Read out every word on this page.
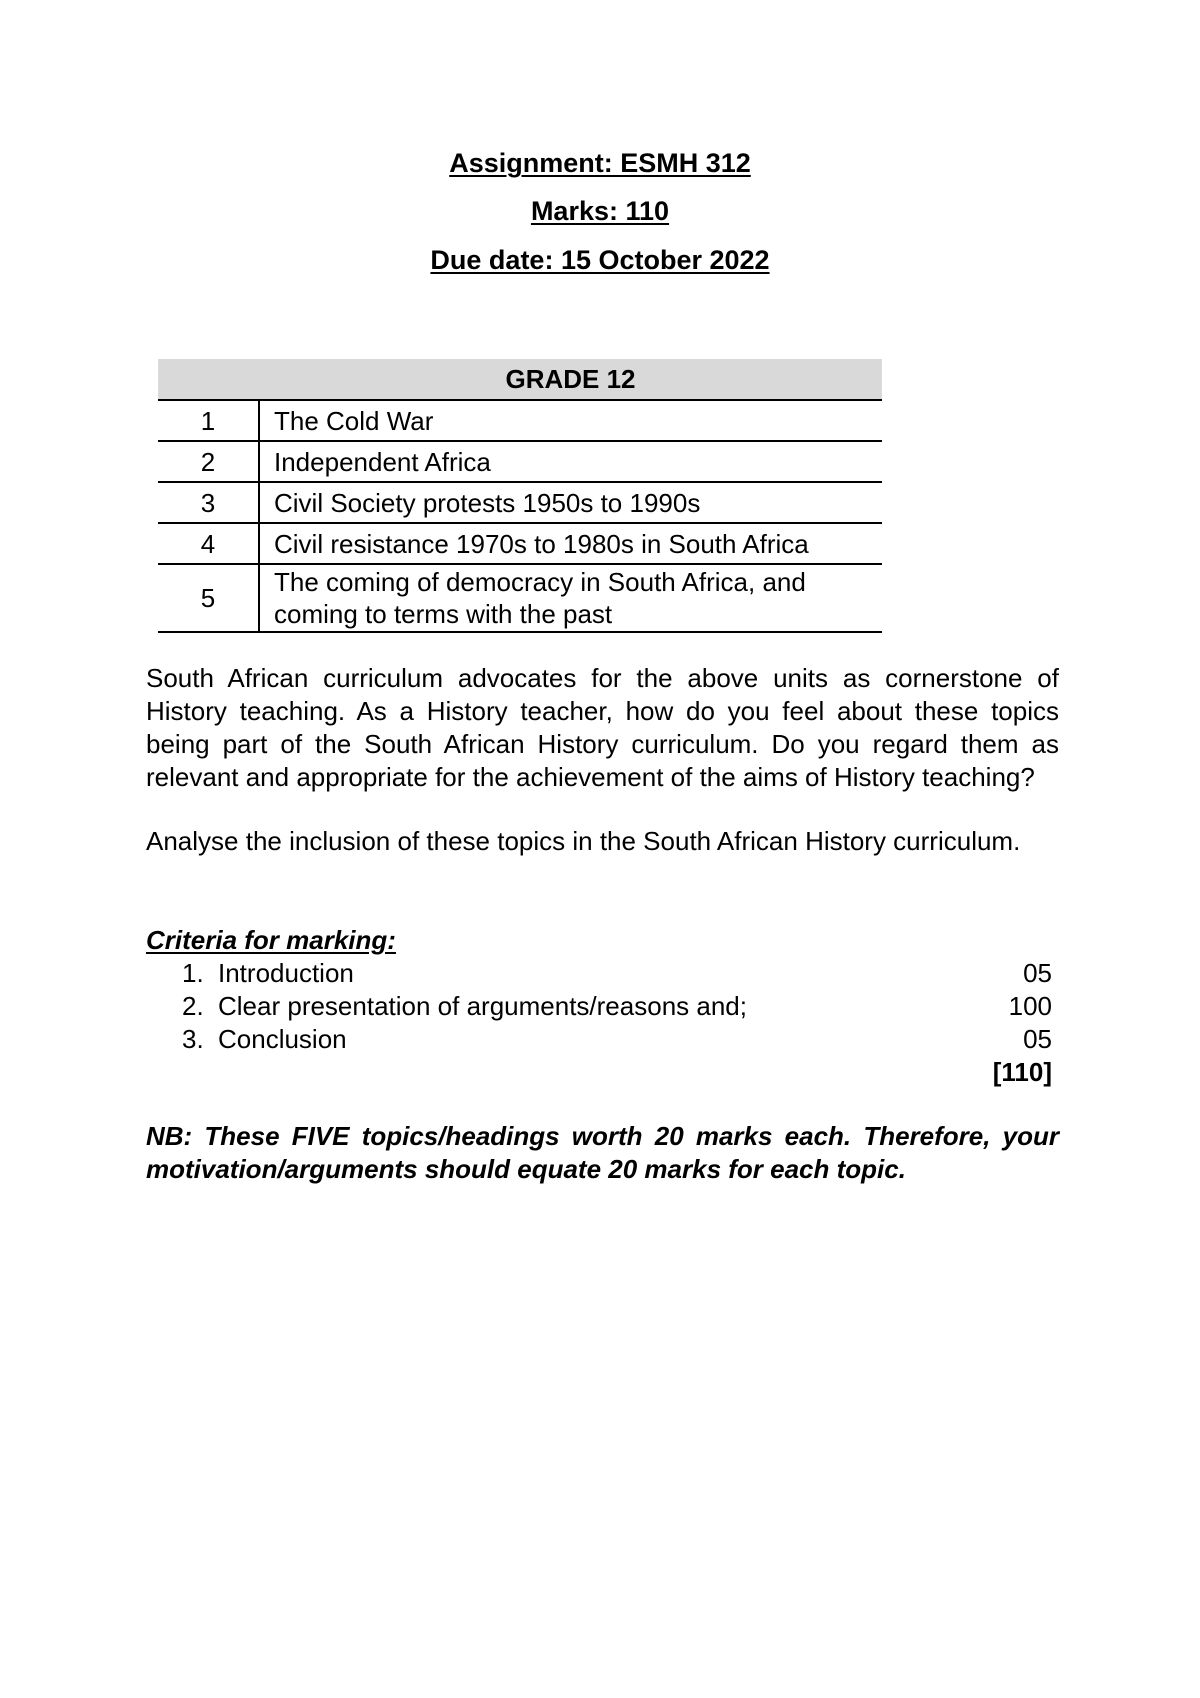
Assignment: ESMH 312
Marks: 110
Due date: 15 October 2022
	GRADE 12
1	The Cold War
2	Independent Africa
3	Civil Society protests 1950s to 1990s
4	Civil resistance 1970s to 1980s in South Africa
5	The coming of democracy in South Africa, and coming to terms with the past

South African curriculum advocates for the above units as cornerstone of History teaching. As a History teacher, how do you feel about these topics being part of the South African History curriculum. Do you regard them as relevant and appropriate for the achievement of the aims of History teaching?

Analyse the inclusion of these topics in the South African History curriculum.

Criteria for marking:
1. Introduction	05
2. Clear presentation of arguments/reasons and;	100
3. Conclusion	05
[110]

NB: These FIVE topics/headings worth 20 marks each. Therefore, your motivation/arguments should equate 20 marks for each topic.
